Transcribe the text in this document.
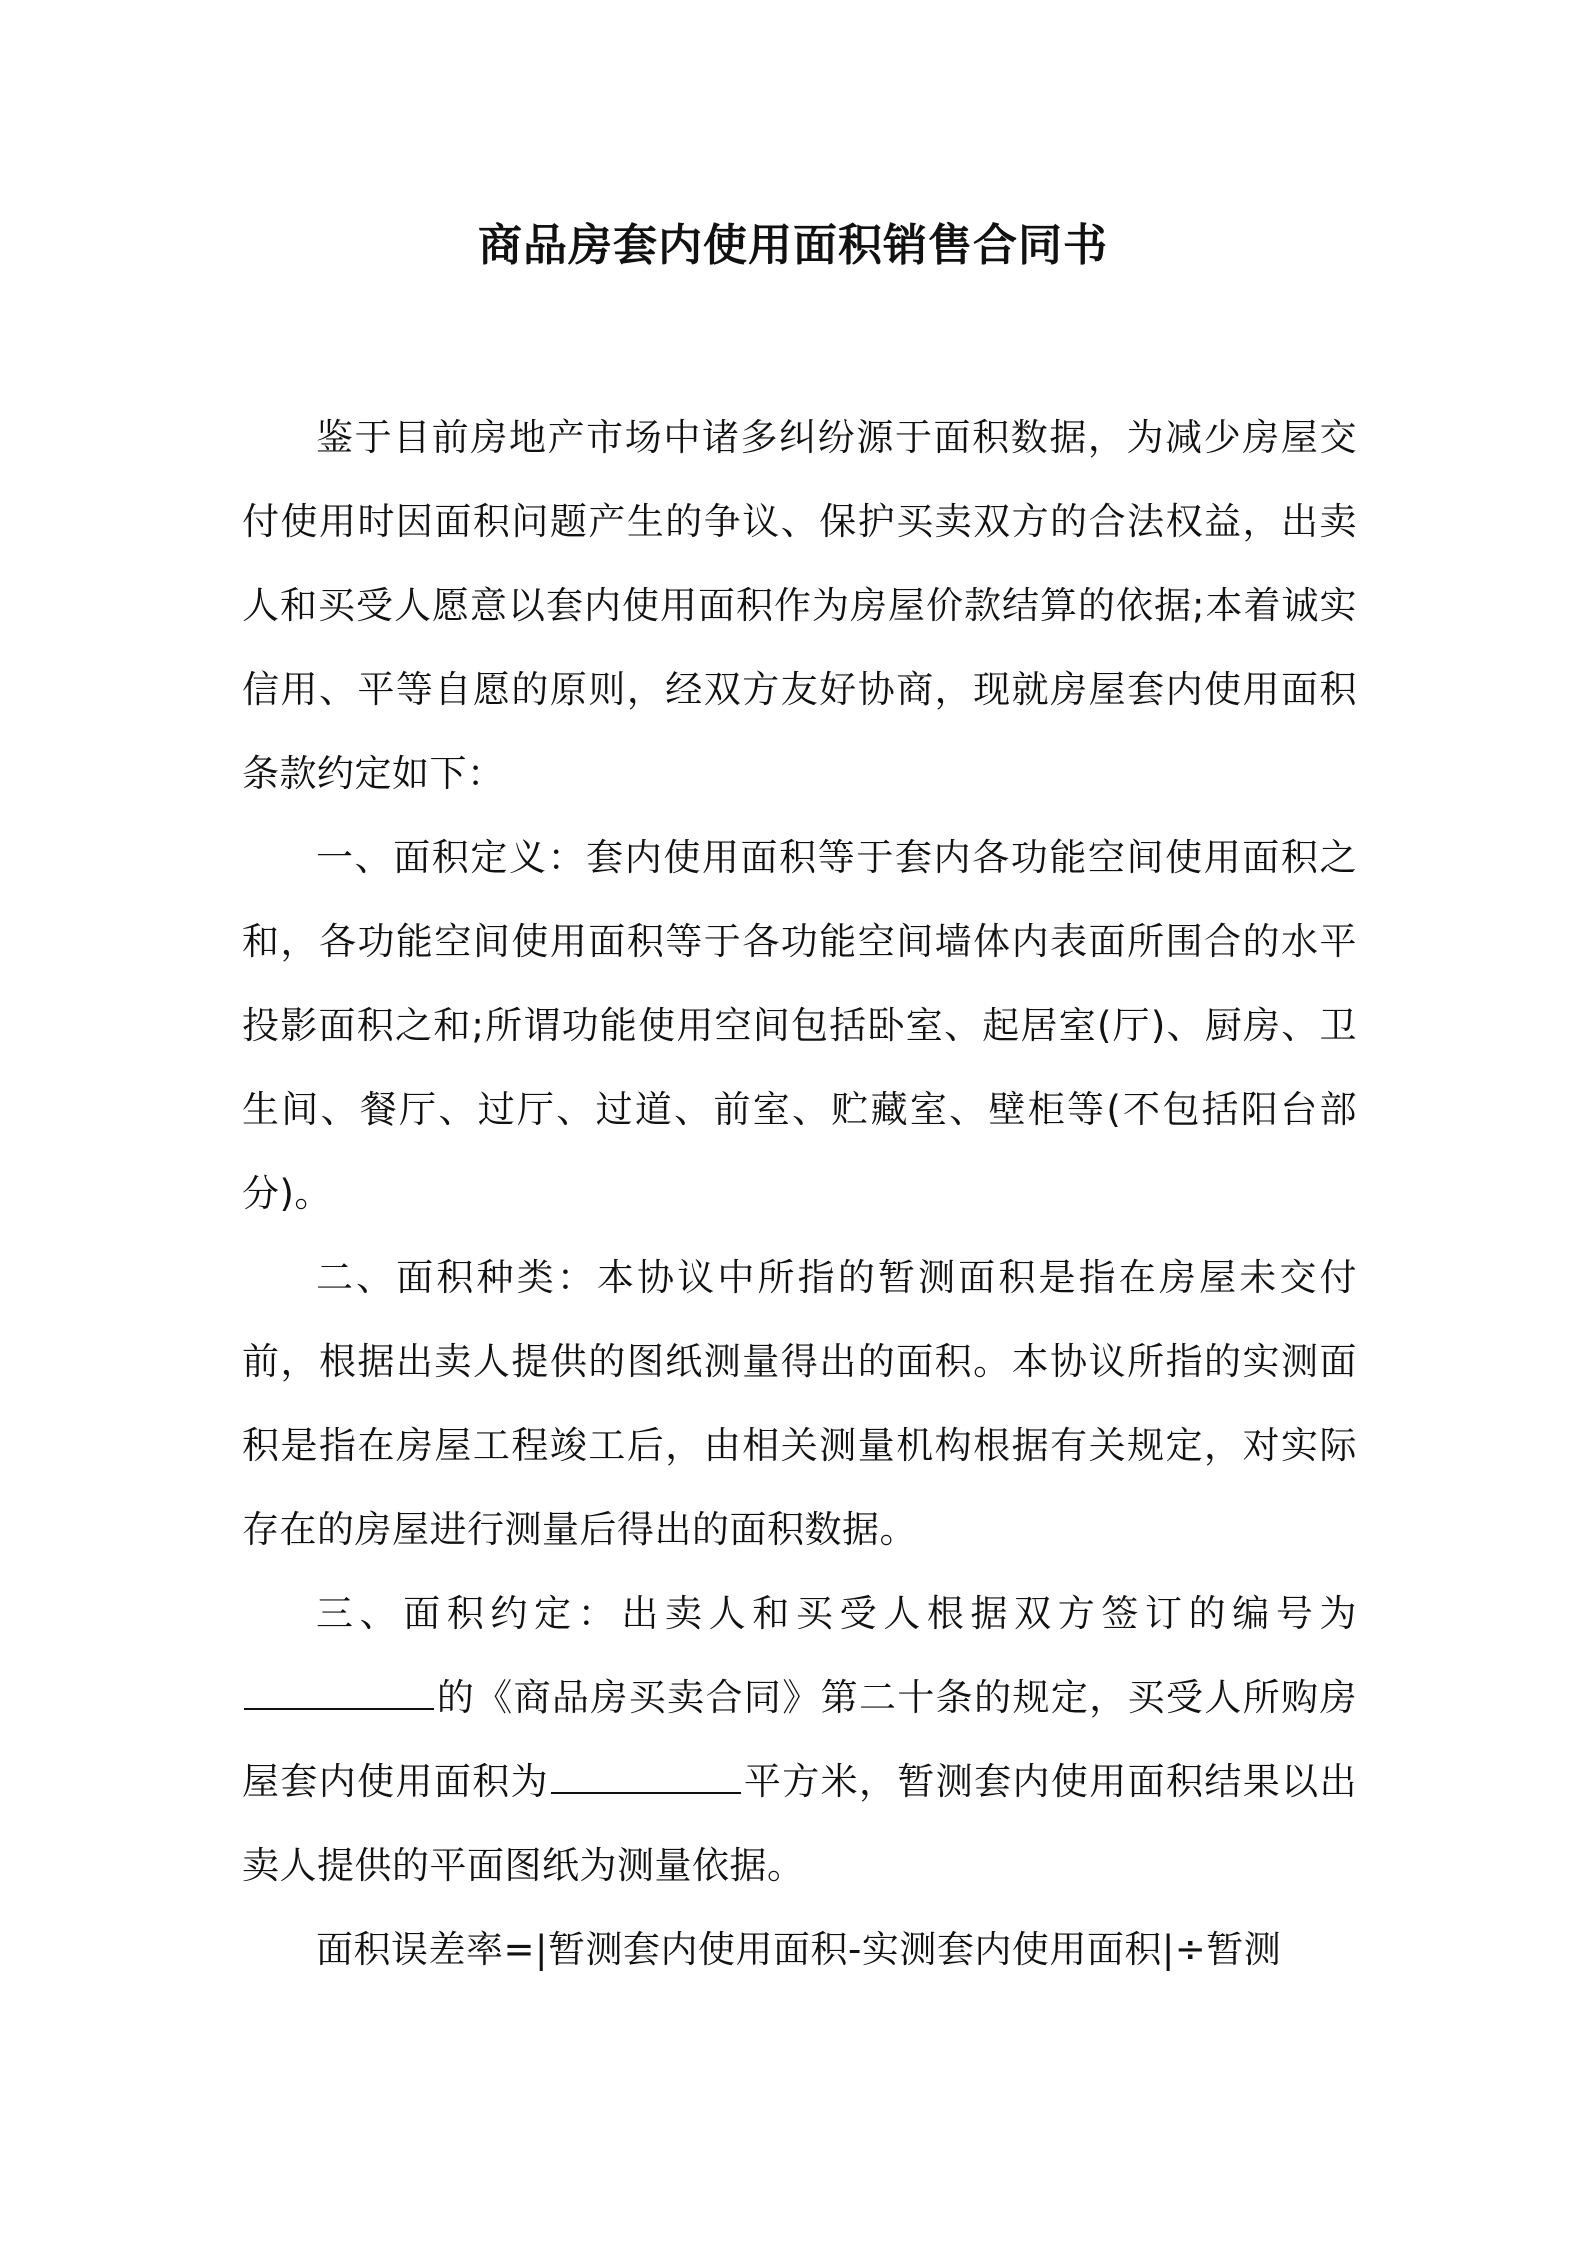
商品房套内使用面积销售合同书

鉴于目前房地产市场中诸多纠纷源于面积数据，为减少房屋交付使用时因面积问题产生的争议、保护买卖双方的合法权益，出卖人和买受人愿意以套内使用面积作为房屋价款结算的依据;本着诚实信用、平等自愿的原则，经双方友好协商，现就房屋套内使用面积条款约定如下：

一、面积定义：套内使用面积等于套内各功能空间使用面积之和，各功能空间使用面积等于各功能空间墙体内表面所围合的水平投影面积之和;所谓功能使用空间包括卧室、起居室(厅)、厨房、卫生间、餐厅、过厅、过道、前室、贮藏室、壁柜等(不包括阳台部分)。

二、面积种类：本协议中所指的暂测面积是指在房屋未交付前，根据出卖人提供的图纸测量得出的面积。本协议所指的实测面积是指在房屋工程竣工后，由相关测量机构根据有关规定，对实际存在的房屋进行测量后得出的面积数据。

三、面积约定：出卖人和买受人根据双方签订的编号为的《商品房买卖合同》第二十条的规定，买受人所购房屋套内使用面积为	平方米，暂测套内使用面积结果以出卖人提供的平面图纸为测量依据。

面积误差率=|暂测套内使用面积-实测套内使用面积|÷暂测
